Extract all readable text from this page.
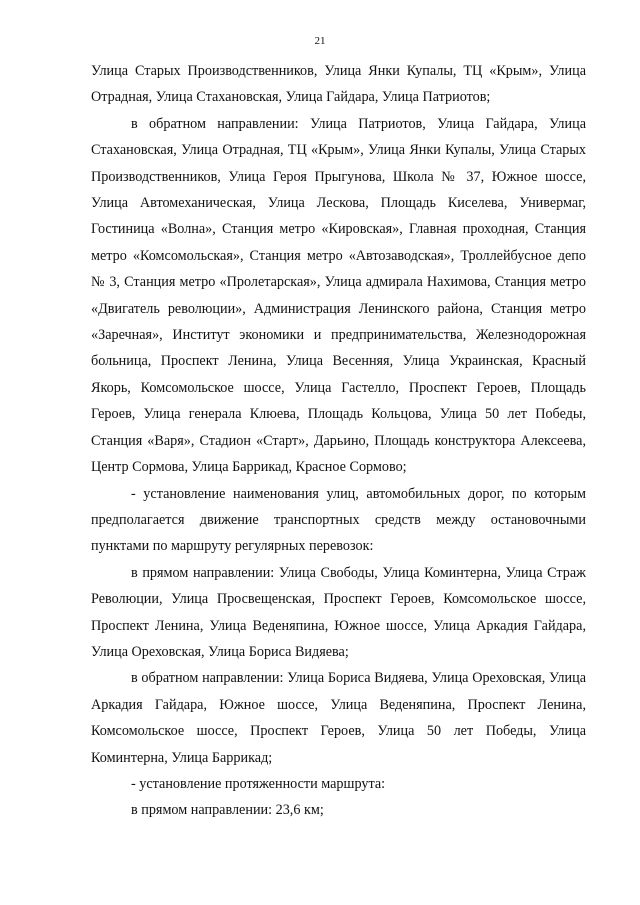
21

Улица Старых Производственников, Улица Янки Купалы, ТЦ «Крым», Улица Отрадная, Улица Стахановская, Улица Гайдара, Улица Патриотов;

в обратном направлении: Улица Патриотов, Улица Гайдара, Улица Стахановская, Улица Отрадная, ТЦ «Крым», Улица Янки Купалы, Улица Старых Производственников, Улица Героя Прыгунова, Школа № 37, Южное шоссе, Улица Автомеханическая, Улица Лескова, Площадь Киселева, Универмаг, Гостиница «Волна», Станция метро «Кировская», Главная проходная, Станция метро «Комсомольская», Станция метро «Автозаводская», Троллейбусное депо № 3, Станция метро «Пролетарская», Улица адмирала Нахимова, Станция метро «Двигатель революции», Администрация Ленинского района, Станция метро «Заречная», Институт экономики и предпринимательства, Железнодорожная больница, Проспект Ленина, Улица Весенняя, Улица Украинская, Красный Якорь, Комсомольское шоссе, Улица Гастелло, Проспект Героев, Площадь Героев, Улица генерала Клюева, Площадь Кольцова, Улица 50 лет Победы, Станция «Варя», Стадион «Старт», Дарьино, Площадь конструктора Алексеева, Центр Сормова, Улица Баррикад, Красное Сормово;

- установление наименования улиц, автомобильных дорог, по которым предполагается движение транспортных средств между остановочными пунктами по маршруту регулярных перевозок:

в прямом направлении: Улица Свободы, Улица Коминтерна, Улица Страж Революции, Улица Просвещенская, Проспект Героев, Комсомольское шоссе, Проспект Ленина, Улица Веденяпина, Южное шоссе, Улица Аркадия Гайдара, Улица Ореховская, Улица Бориса Видяева;

в обратном направлении: Улица Бориса Видяева, Улица Ореховская, Улица Аркадия Гайдара, Южное шоссе, Улица Веденяпина, Проспект Ленина, Комсомольское шоссе, Проспект Героев, Улица 50 лет Победы, Улица Коминтерна, Улица Баррикад;

- установление протяженности маршрута:

в прямом направлении: 23,6 км;
